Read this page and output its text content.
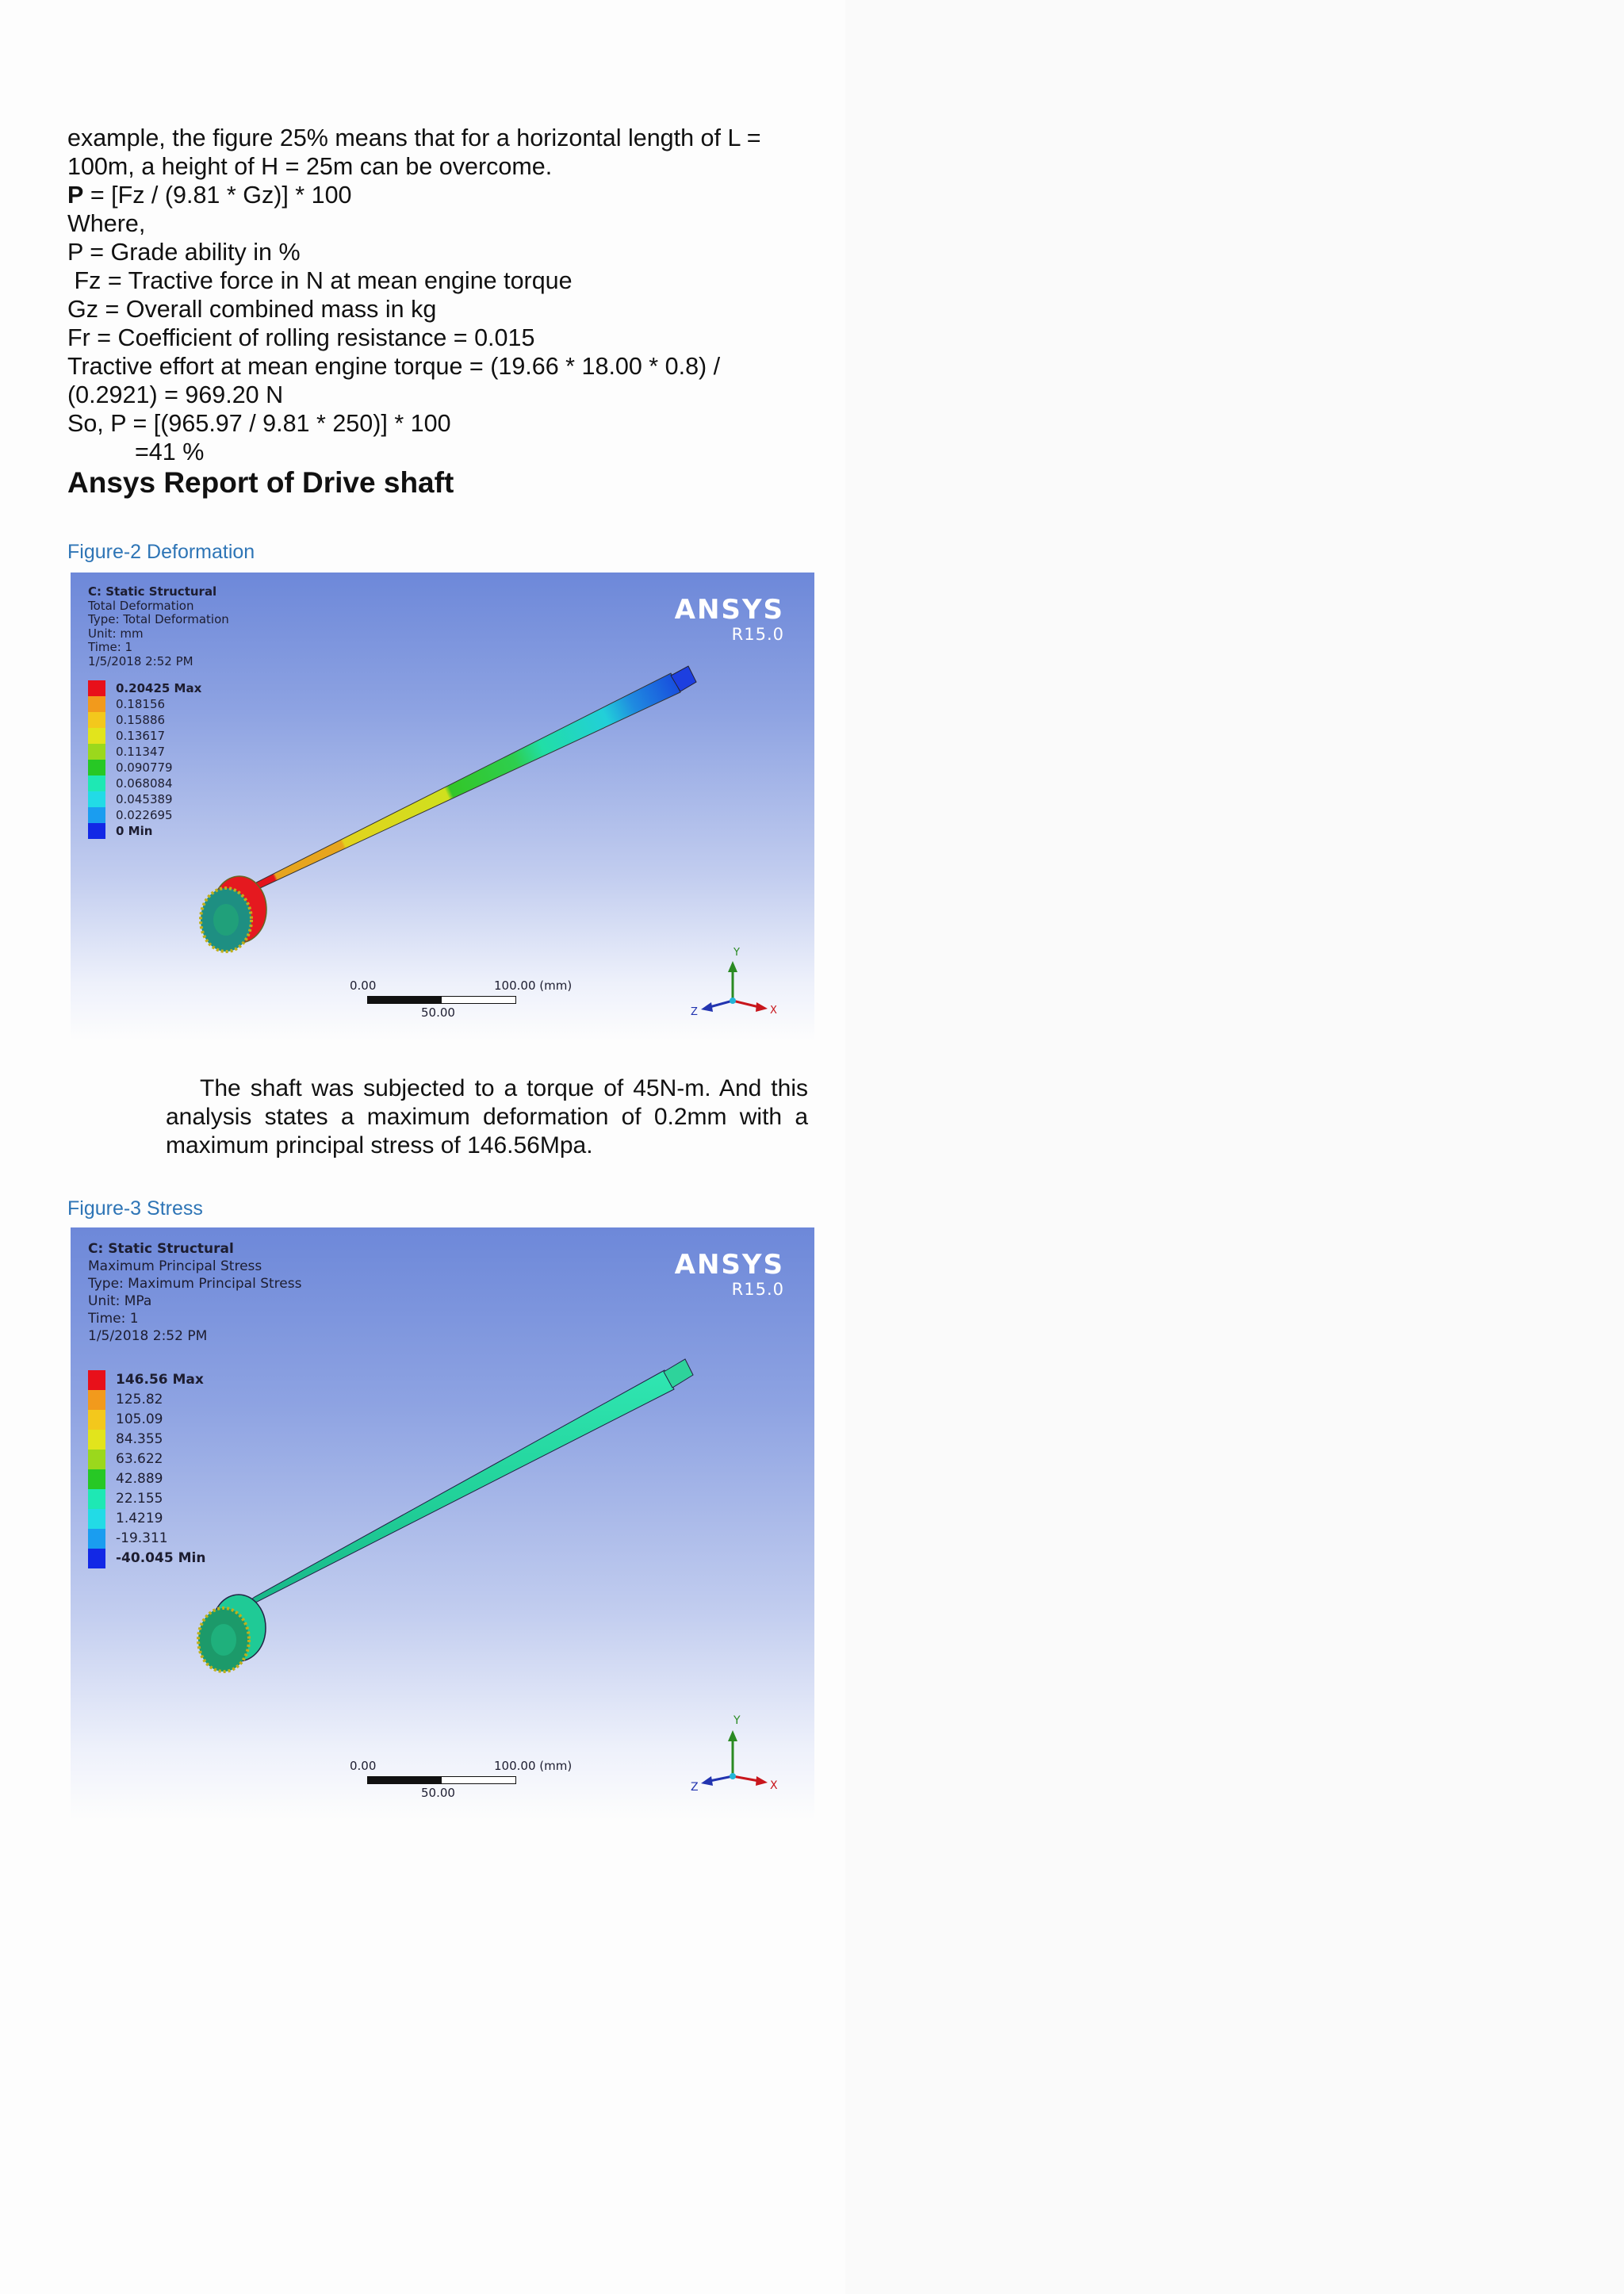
example, the figure 25% means that for a horizontal length of L =
100m, a height of H = 25m can be overcome.
P = [Fz / (9.81 * Gz)] * 100
Where,
P = Grade ability in %
Fz = Tractive force in N at mean engine torque
Gz = Overall combined mass in kg
Fr = Coefficient of rolling resistance = 0.015
Tractive effort at mean engine torque = (19.66 * 18.00 * 0.8) /
(0.2921) = 969.20 N
So, P = [(965.97 / 9.81 * 250)] * 100
=41 %
Ansys Report of Drive shaft
Figure-2 Deformation
C: Static Structural
Total Deformation
Type: Total Deformation
Unit: mm
Time: 1
1/5/2018 2:52 PM
ANSYS
R15.0
0.20425 Max
0.18156
0.15886
0.13617
0.11347
0.090779
0.068084
0.045389
0.022695
0 Min
0.00	100.00 (mm)
50.00
Y
Z	X
The shaft was subjected to a torque of 45N-m. And this
analysis states a maximum deformation of 0.2mm with a
maximum principal stress of 146.56Mpa.
Figure-3 Stress
C: Static Structural
Maximum Principal Stress
Type: Maximum Principal Stress
Unit: MPa
Time: 1
1/5/2018 2:52 PM
ANSYS
R15.0
146.56 Max
125.82
105.09
84.355
63.622
42.889
22.155
1.4219
-19.311
-40.045 Min
0.00	100.00 (mm)
50.00
Y
Z	X
